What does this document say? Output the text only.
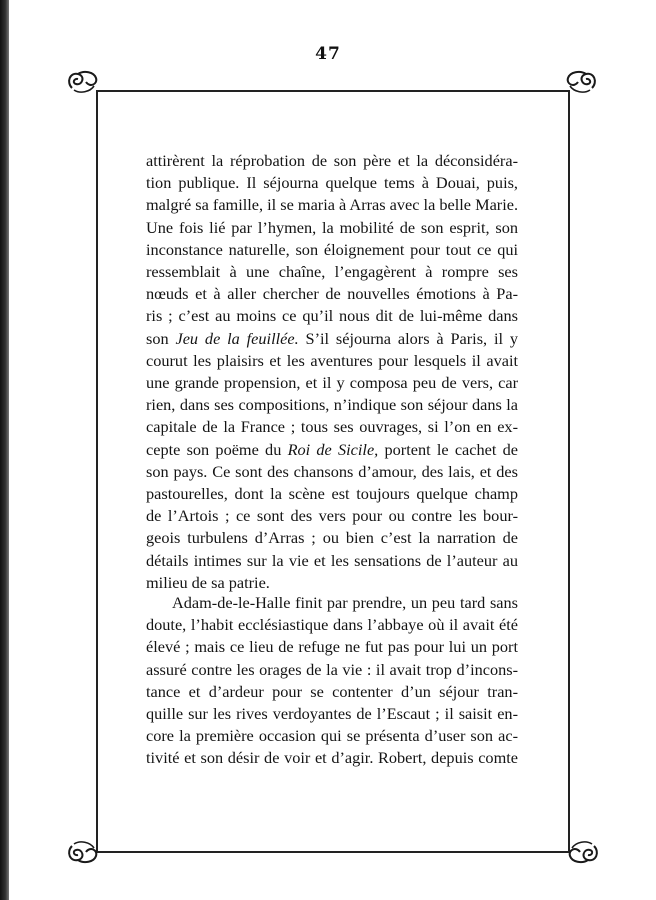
47
attirèrent la réprobation de son père et la déconsidéra-
tion publique. Il séjourna quelque tems à Douai, puis,
malgré sa famille, il se maria à Arras avec la belle Marie.
Une fois lié par l’hymen, la mobilité de son esprit, son
inconstance naturelle, son éloignement pour tout ce qui
ressemblait à une chaîne, l’engagèrent à rompre ses
nœuds et à aller chercher de nouvelles émotions à Pa-
ris ; c’est au moins ce qu’il nous dit de lui-même dans
son Jeu de la feuillée. S’il séjourna alors à Paris, il y
courut les plaisirs et les aventures pour lesquels il avait
une grande propension, et il y composa peu de vers, car
rien, dans ses compositions, n’indique son séjour dans la
capitale de la France ; tous ses ouvrages, si l’on en ex-
cepte son poëme du Roi de Sicile, portent le cachet de
son pays. Ce sont des chansons d’amour, des lais, et des
pastourelles, dont la scène est toujours quelque champ
de l’Artois ; ce sont des vers pour ou contre les bour-
geois turbulens d’Arras ; ou bien c’est la narration de
détails intimes sur la vie et les sensations de l’auteur au
milieu de sa patrie.
Adam-de-le-Halle finit par prendre, un peu tard sans
doute, l’habit ecclésiastique dans l’abbaye où il avait été
élevé ; mais ce lieu de refuge ne fut pas pour lui un port
assuré contre les orages de la vie : il avait trop d’incons-
tance et d’ardeur pour se contenter d’un séjour tran-
quille sur les rives verdoyantes de l’Escaut ; il saisit en-
core la première occasion qui se présenta d’user son ac-
tivité et son désir de voir et d’agir. Robert, depuis comte
